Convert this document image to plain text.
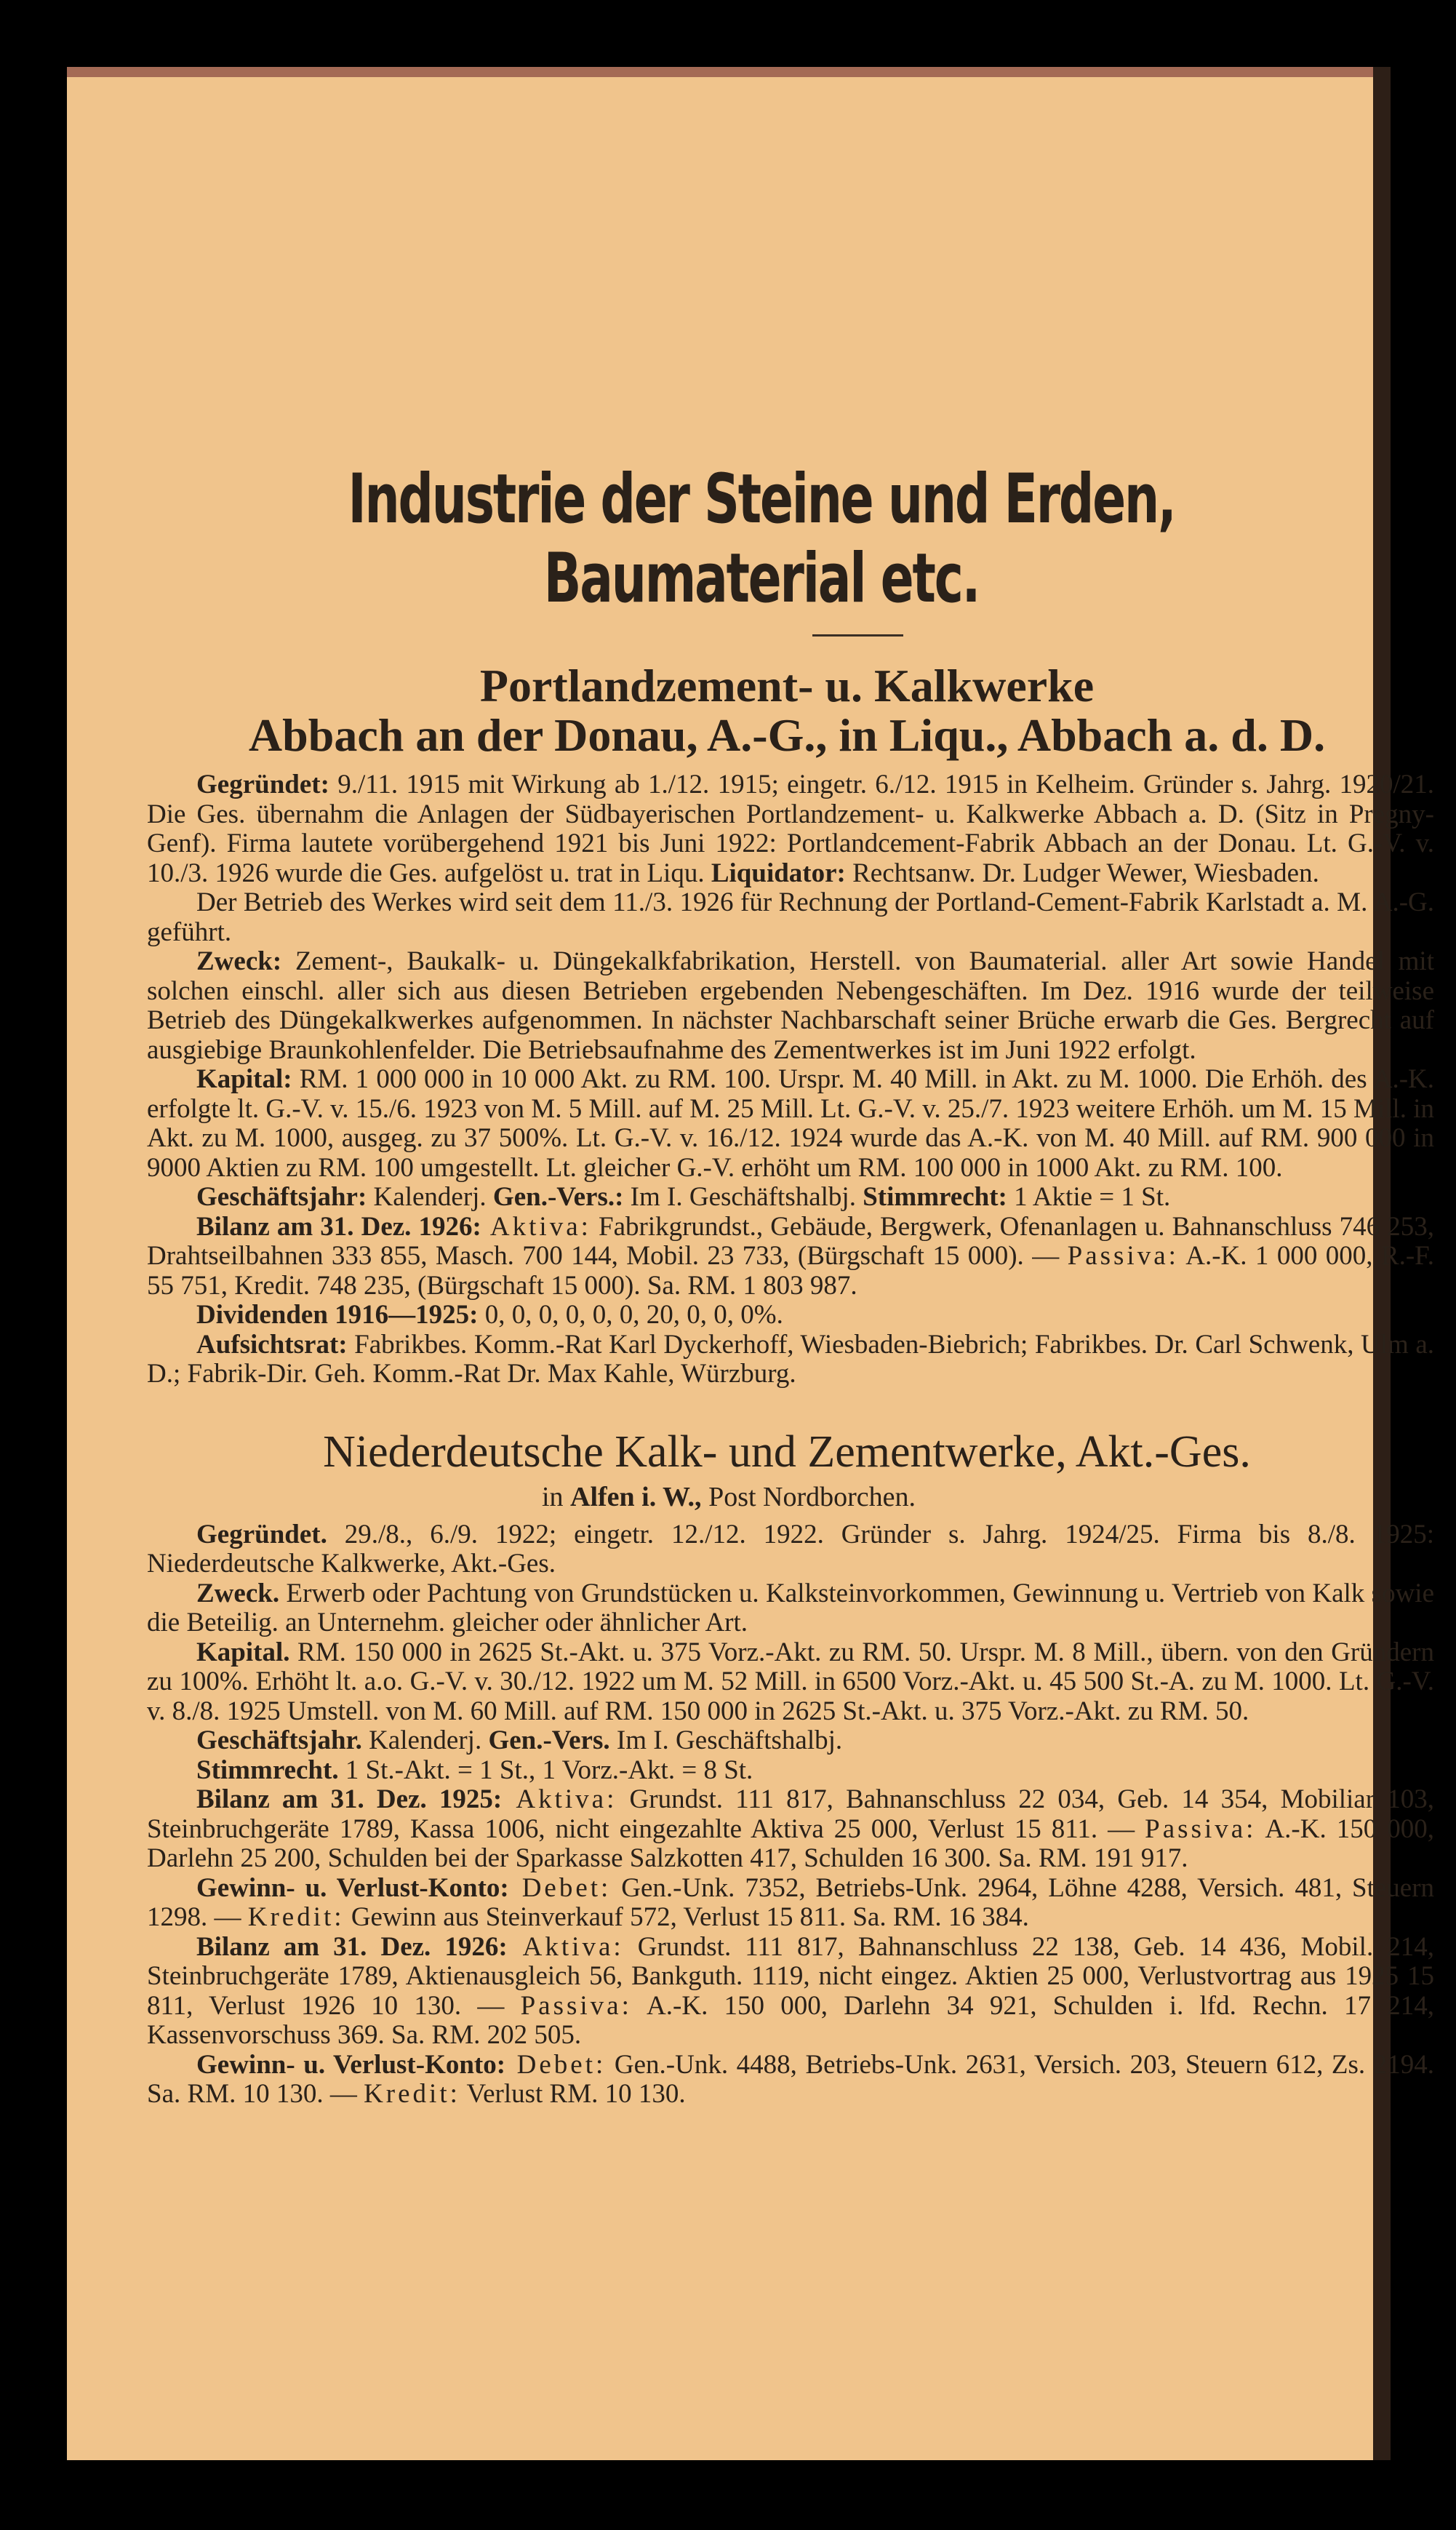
Industrie der Steine und Erden, Baumaterial etc.
Portlandzement- u. Kalkwerke
Abbach an der Donau, A.-G., in Liqu., Abbach a. d. D.

Gegründet: 9./11. 1915 mit Wirkung ab 1./12. 1915; eingetr. 6./12. 1915 in Kelheim. Gründer s. Jahrg. 1920/21. Die Ges. übernahm die Anlagen der Südbayerischen Portlandzement- u. Kalkwerke Abbach a. D. (Sitz in Pregny-Genf). Firma lautete vorübergehend 1921 bis Juni 1922: Portlandcement-Fabrik Abbach an der Donau. Lt. G.-V. v. 10./3. 1926 wurde die Ges. aufgelöst u. trat in Liqu. Liquidator: Rechtsanw. Dr. Ludger Wewer, Wiesbaden.

Der Betrieb des Werkes wird seit dem 11./3. 1926 für Rechnung der Portland-Cement-Fabrik Karlstadt a. M. A.-G. geführt.

Zweck: Zement-, Baukalk- u. Düngekalkfabrikation, Herstell. von Baumaterial. aller Art sowie Handel mit solchen einschl. aller sich aus diesen Betrieben ergebenden Nebengeschäften. Im Dez. 1916 wurde der teilweise Betrieb des Düngekalkwerkes aufgenommen. In nächster Nachbarschaft seiner Brüche erwarb die Ges. Bergrecht auf ausgiebige Braunkohlenfelder. Die Betriebsaufnahme des Zementwerkes ist im Juni 1922 erfolgt.

Kapital: RM. 1 000 000 in 10 000 Akt. zu RM. 100. Urspr. M. 40 Mill. in Akt. zu M. 1000. Die Erhöh. des A.-K. erfolgte lt. G.-V. v. 15./6. 1923 von M. 5 Mill. auf M. 25 Mill. Lt. G.-V. v. 25./7. 1923 weitere Erhöh. um M. 15 Mill. in Akt. zu M. 1000, ausgeg. zu 37 500%. Lt. G.-V. v. 16./12. 1924 wurde das A.-K. von M. 40 Mill. auf RM. 900 000 in 9000 Aktien zu RM. 100 umgestellt. Lt. gleicher G.-V. erhöht um RM. 100 000 in 1000 Akt. zu RM. 100.

Geschäftsjahr: Kalenderj. Gen.-Vers.: Im I. Geschäftshalbj. Stimmrecht: 1 Aktie = 1 St.

Bilanz am 31. Dez. 1926: Aktiva: Fabrikgrundst., Gebäude, Bergwerk, Ofenanlagen u. Bahnanschluss 746 253, Drahtseilbahnen 333 855, Masch. 700 144, Mobil. 23 733, (Bürgschaft 15 000). — Passiva: A.-K. 1 000 000, R.-F. 55 751, Kredit. 748 235, (Bürgschaft 15 000). Sa. RM. 1 803 987.

Dividenden 1916—1925: 0, 0, 0, 0, 0, 0, 20, 0, 0, 0%.

Aufsichtsrat: Fabrikbes. Komm.-Rat Karl Dyckerhoff, Wiesbaden-Biebrich; Fabrikbes. Dr. Carl Schwenk, Ulm a. D.; Fabrik-Dir. Geh. Komm.-Rat Dr. Max Kahle, Würzburg.

Niederdeutsche Kalk- und Zementwerke, Akt.-Ges.
in Alfen i. W., Post Nordborchen.

Gegründet. 29./8., 6./9. 1922; eingetr. 12./12. 1922. Gründer s. Jahrg. 1924/25. Firma bis 8./8. 1925: Niederdeutsche Kalkwerke, Akt.-Ges.

Zweck. Erwerb oder Pachtung von Grundstücken u. Kalksteinvorkommen, Gewinnung u. Vertrieb von Kalk sowie die Beteilig. an Unternehm. gleicher oder ähnlicher Art.

Kapital. RM. 150 000 in 2625 St.-Akt. u. 375 Vorz.-Akt. zu RM. 50. Urspr. M. 8 Mill., übern. von den Gründern zu 100%. Erhöht lt. a.o. G.-V. v. 30./12. 1922 um M. 52 Mill. in 6500 Vorz.-Akt. u. 45 500 St.-A. zu M. 1000. Lt. G.-V. v. 8./8. 1925 Umstell. von M. 60 Mill. auf RM. 150 000 in 2625 St.-Akt. u. 375 Vorz.-Akt. zu RM. 50.

Geschäftsjahr. Kalenderj. Gen.-Vers. Im I. Geschäftshalbj.

Stimmrecht. 1 St.-Akt. = 1 St., 1 Vorz.-Akt. = 8 St.

Bilanz am 31. Dez. 1925: Aktiva: Grundst. 111 817, Bahnanschluss 22 034, Geb. 14 354, Mobiliar 103, Steinbruchgeräte 1789, Kassa 1006, nicht eingezahlte Aktiva 25 000, Verlust 15 811. — Passiva: A.-K. 150 000, Darlehn 25 200, Schulden bei der Sparkasse Salzkotten 417, Schulden 16 300. Sa. RM. 191 917.

Gewinn- u. Verlust-Konto: Debet: Gen.-Unk. 7352, Betriebs-Unk. 2964, Löhne 4288, Versich. 481, Steuern 1298. — Kredit: Gewinn aus Steinverkauf 572, Verlust 15 811. Sa. RM. 16 384.

Bilanz am 31. Dez. 1926: Aktiva: Grundst. 111 817, Bahnanschluss 22 138, Geb. 14 436, Mobil. 214, Steinbruchgeräte 1789, Aktienausgleich 56, Bankguth. 1119, nicht eingez. Aktien 25 000, Verlustvortrag aus 1925 15 811, Verlust 1926 10 130. — Passiva: A.-K. 150 000, Darlehn 34 921, Schulden i. lfd. Rechn. 17 214, Kassenvorschuss 369. Sa. RM. 202 505.

Gewinn- u. Verlust-Konto: Debet: Gen.-Unk. 4488, Betriebs-Unk. 2631, Versich. 203, Steuern 612, Zs. 2194. Sa. RM. 10 130. — Kredit: Verlust RM. 10 130.
